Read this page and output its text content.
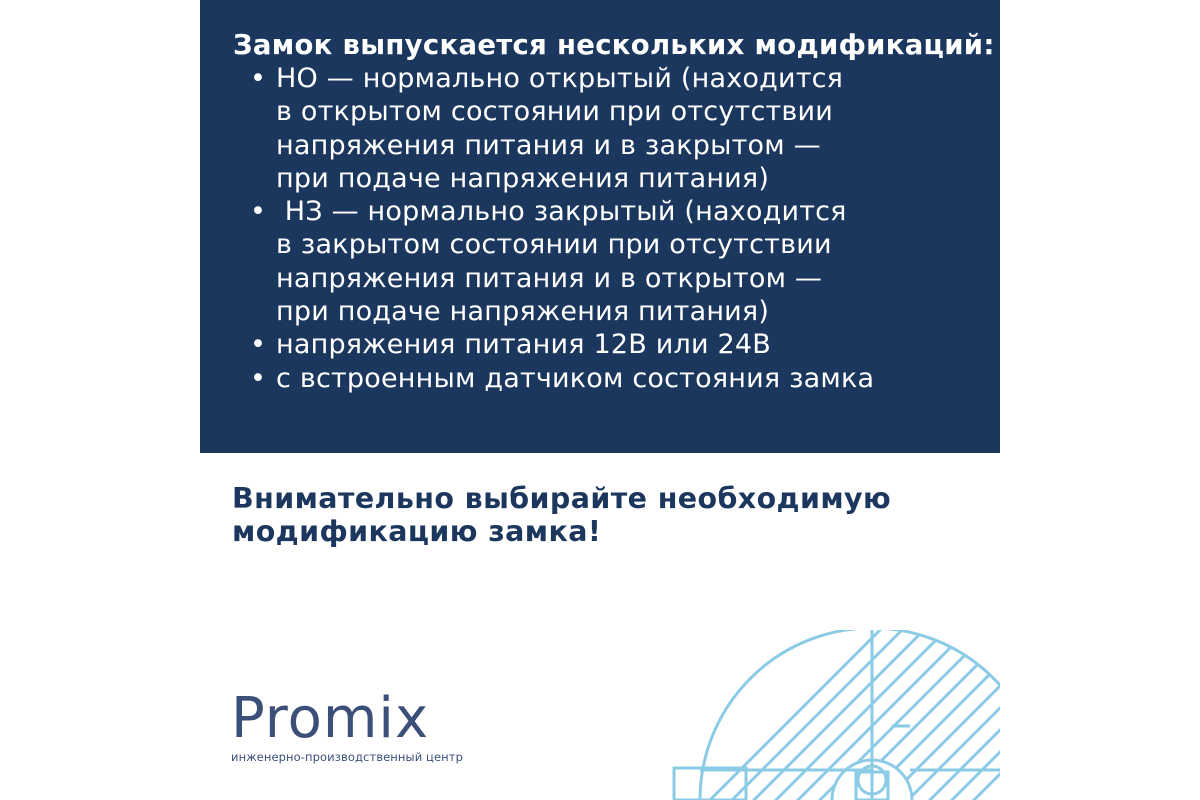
Замок выпускается нескольких модификаций:
• НО — нормально открытый (находится
в открытом состоянии при отсутствии
напряжения питания и в закрытом —
при подаче напряжения питания)
• НЗ — нормально закрытый (находится
в закрытом состоянии при отсутствии
напряжения питания и в открытом —
при подаче напряжения питания)
• напряжения питания 12В или 24В
• с встроенным датчиком состояния замка
Внимательно выбирайте необходимую
модификацию замка!
Promix
инженерно-производственный центр
